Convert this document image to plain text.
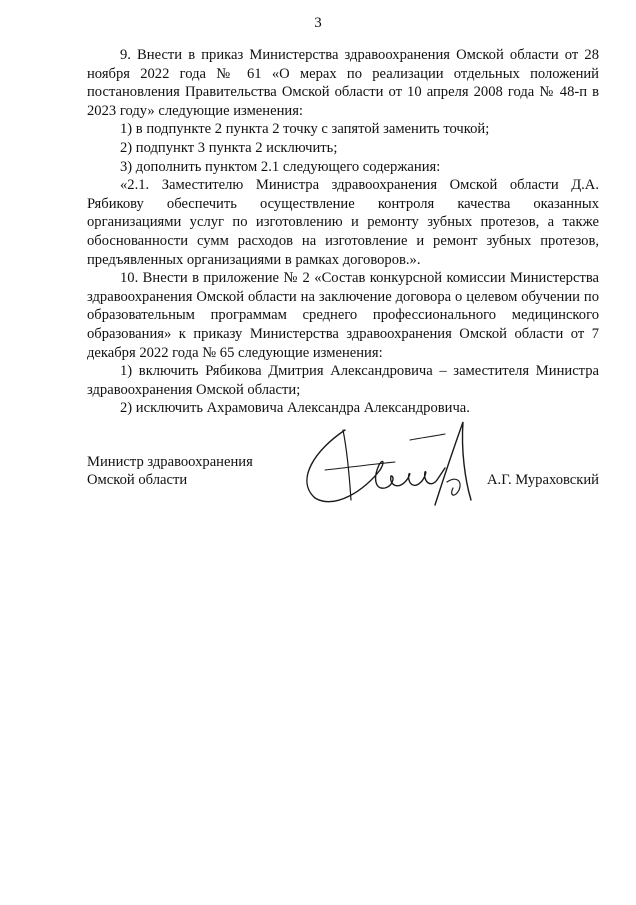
3

9. Внести в приказ Министерства здравоохранения Омской области от 28 ноября 2022 года № 61 «О мерах по реализации отдельных положений постановления Правительства Омской области от 10 апреля 2008 года № 48-п в 2023 году» следующие изменения:

1) в подпункте 2 пункта 2 точку с запятой заменить точкой;

2) подпункт 3 пункта 2 исключить;

3) дополнить пунктом 2.1 следующего содержания:

«2.1. Заместителю Министра здравоохранения Омской области Д.А. Рябикову обеспечить осуществление контроля качества оказанных организациями услуг по изготовлению и ремонту зубных протезов, а также обоснованности сумм расходов на изготовление и ремонт зубных протезов, предъявленных организациями в рамках договоров.».

10. Внести в приложение № 2 «Состав конкурсной комиссии Министерства здравоохранения Омской области на заключение договора о целевом обучении по образовательным программам среднего профессионального медицинского образования» к приказу Министерства здравоохранения Омской области от 7 декабря 2022 года № 65 следующие изменения:

1) включить Рябикова Дмитрия Александровича – заместителя Министра здравоохранения Омской области;

2) исключить Ахрамовича Александра Александровича.

Министр здравоохранения
Омской области	А.Г. Мураховский
